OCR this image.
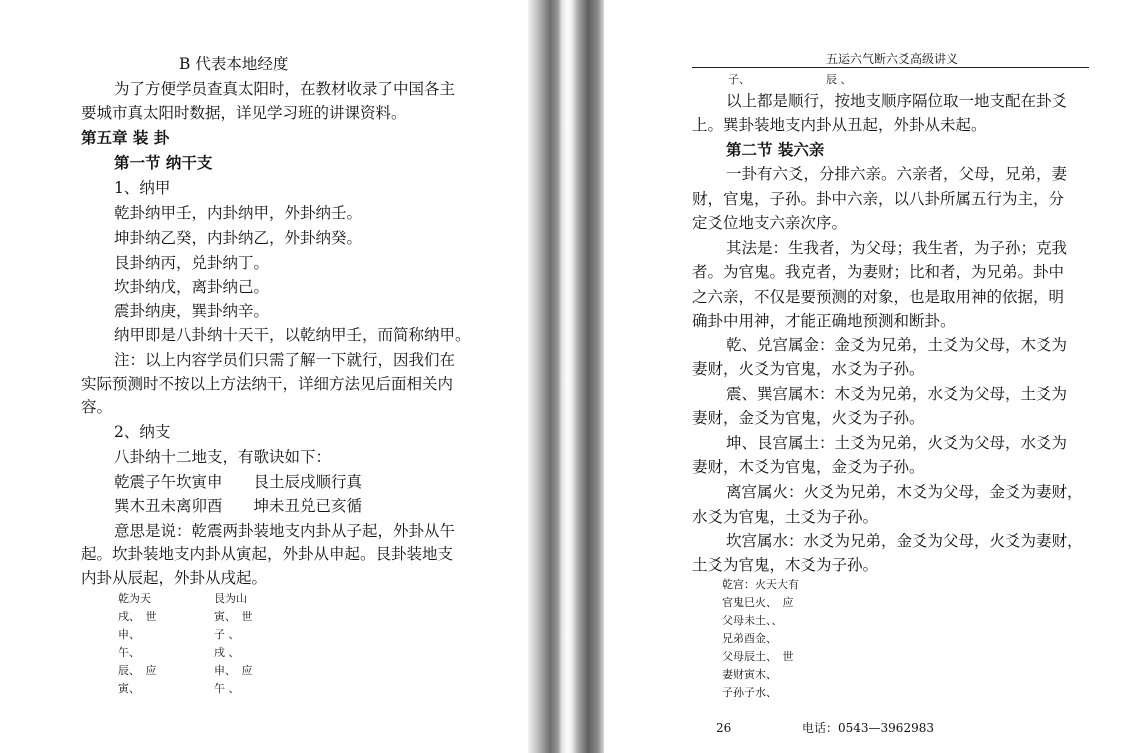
B 代表本地经度
为了方便学员查真太阳时，在教材收录了中国各主
要城市真太阳时数据，详见学习班的讲课资料。
第五章 装 卦
第一节 纳干支
1、纳甲
乾卦纳甲壬，内卦纳甲，外卦纳壬。
坤卦纳乙癸，内卦纳乙，外卦纳癸。
艮卦纳丙，兑卦纳丁。
坎卦纳戊，离卦纳己。
震卦纳庚，巽卦纳辛。
纳甲即是八卦纳十天干，以乾纳甲壬，而简称纳甲。
注：以上内容学员们只需了解一下就行，因我们在
实际预测时不按以上方法纳干，详细方法见后面相关内
容。
2、纳支
八卦纳十二地支，有歌诀如下：
乾震子午坎寅申　　艮土辰戌顺行真
巽木丑未离卯酉　　坤未丑兑已亥循
意思是说：乾震两卦装地支内卦从子起，外卦从午
起。坎卦装地支内卦从寅起，外卦从申起。艮卦装地支
内卦从辰起，外卦从戌起。
乾为天
戌、　世
申、
午、
辰、　应
寅、
艮为山
寅、　世
子 、
戌 、
申、　应
午 、
五运六气断六爻高级讲义
子、	辰 、
以上都是顺行，按地支顺序隔位取一地支配在卦爻
上。巽卦装地支内卦从丑起，外卦从未起。
第二节 装六亲
一卦有六爻，分排六亲。六亲者，父母，兄弟，妻
财，官鬼，子孙。卦中六亲，以八卦所属五行为主，分
定爻位地支六亲次序。
其法是：生我者，为父母；我生者，为子孙；克我
者。为官鬼。我克者，为妻财；比和者，为兄弟。卦中
之六亲，不仅是要预测的对象，也是取用神的依据，明
确卦中用神，才能正确地预测和断卦。
乾、兑宫属金：金爻为兄弟，土爻为父母，木爻为
妻财，火爻为官鬼，水爻为子孙。
震、巽宫属木：木爻为兄弟，水爻为父母，土爻为
妻财，金爻为官鬼，火爻为子孙。
坤、艮宫属土：土爻为兄弟，火爻为父母，水爻为
妻财，木爻为官鬼，金爻为子孙。
离宫属火：火爻为兄弟，木爻为父母，金爻为妻财，
水爻为官鬼，土爻为子孙。
坎宫属水：水爻为兄弟，金爻为父母，火爻为妻财，
土爻为官鬼，木爻为子孙。
乾宫：火天大有
官鬼巳火、　应
父母未土、、
兄弟酉金、
父母辰土、　世
妻财寅木、
子孙子水、
26	电话：0543—3962983
